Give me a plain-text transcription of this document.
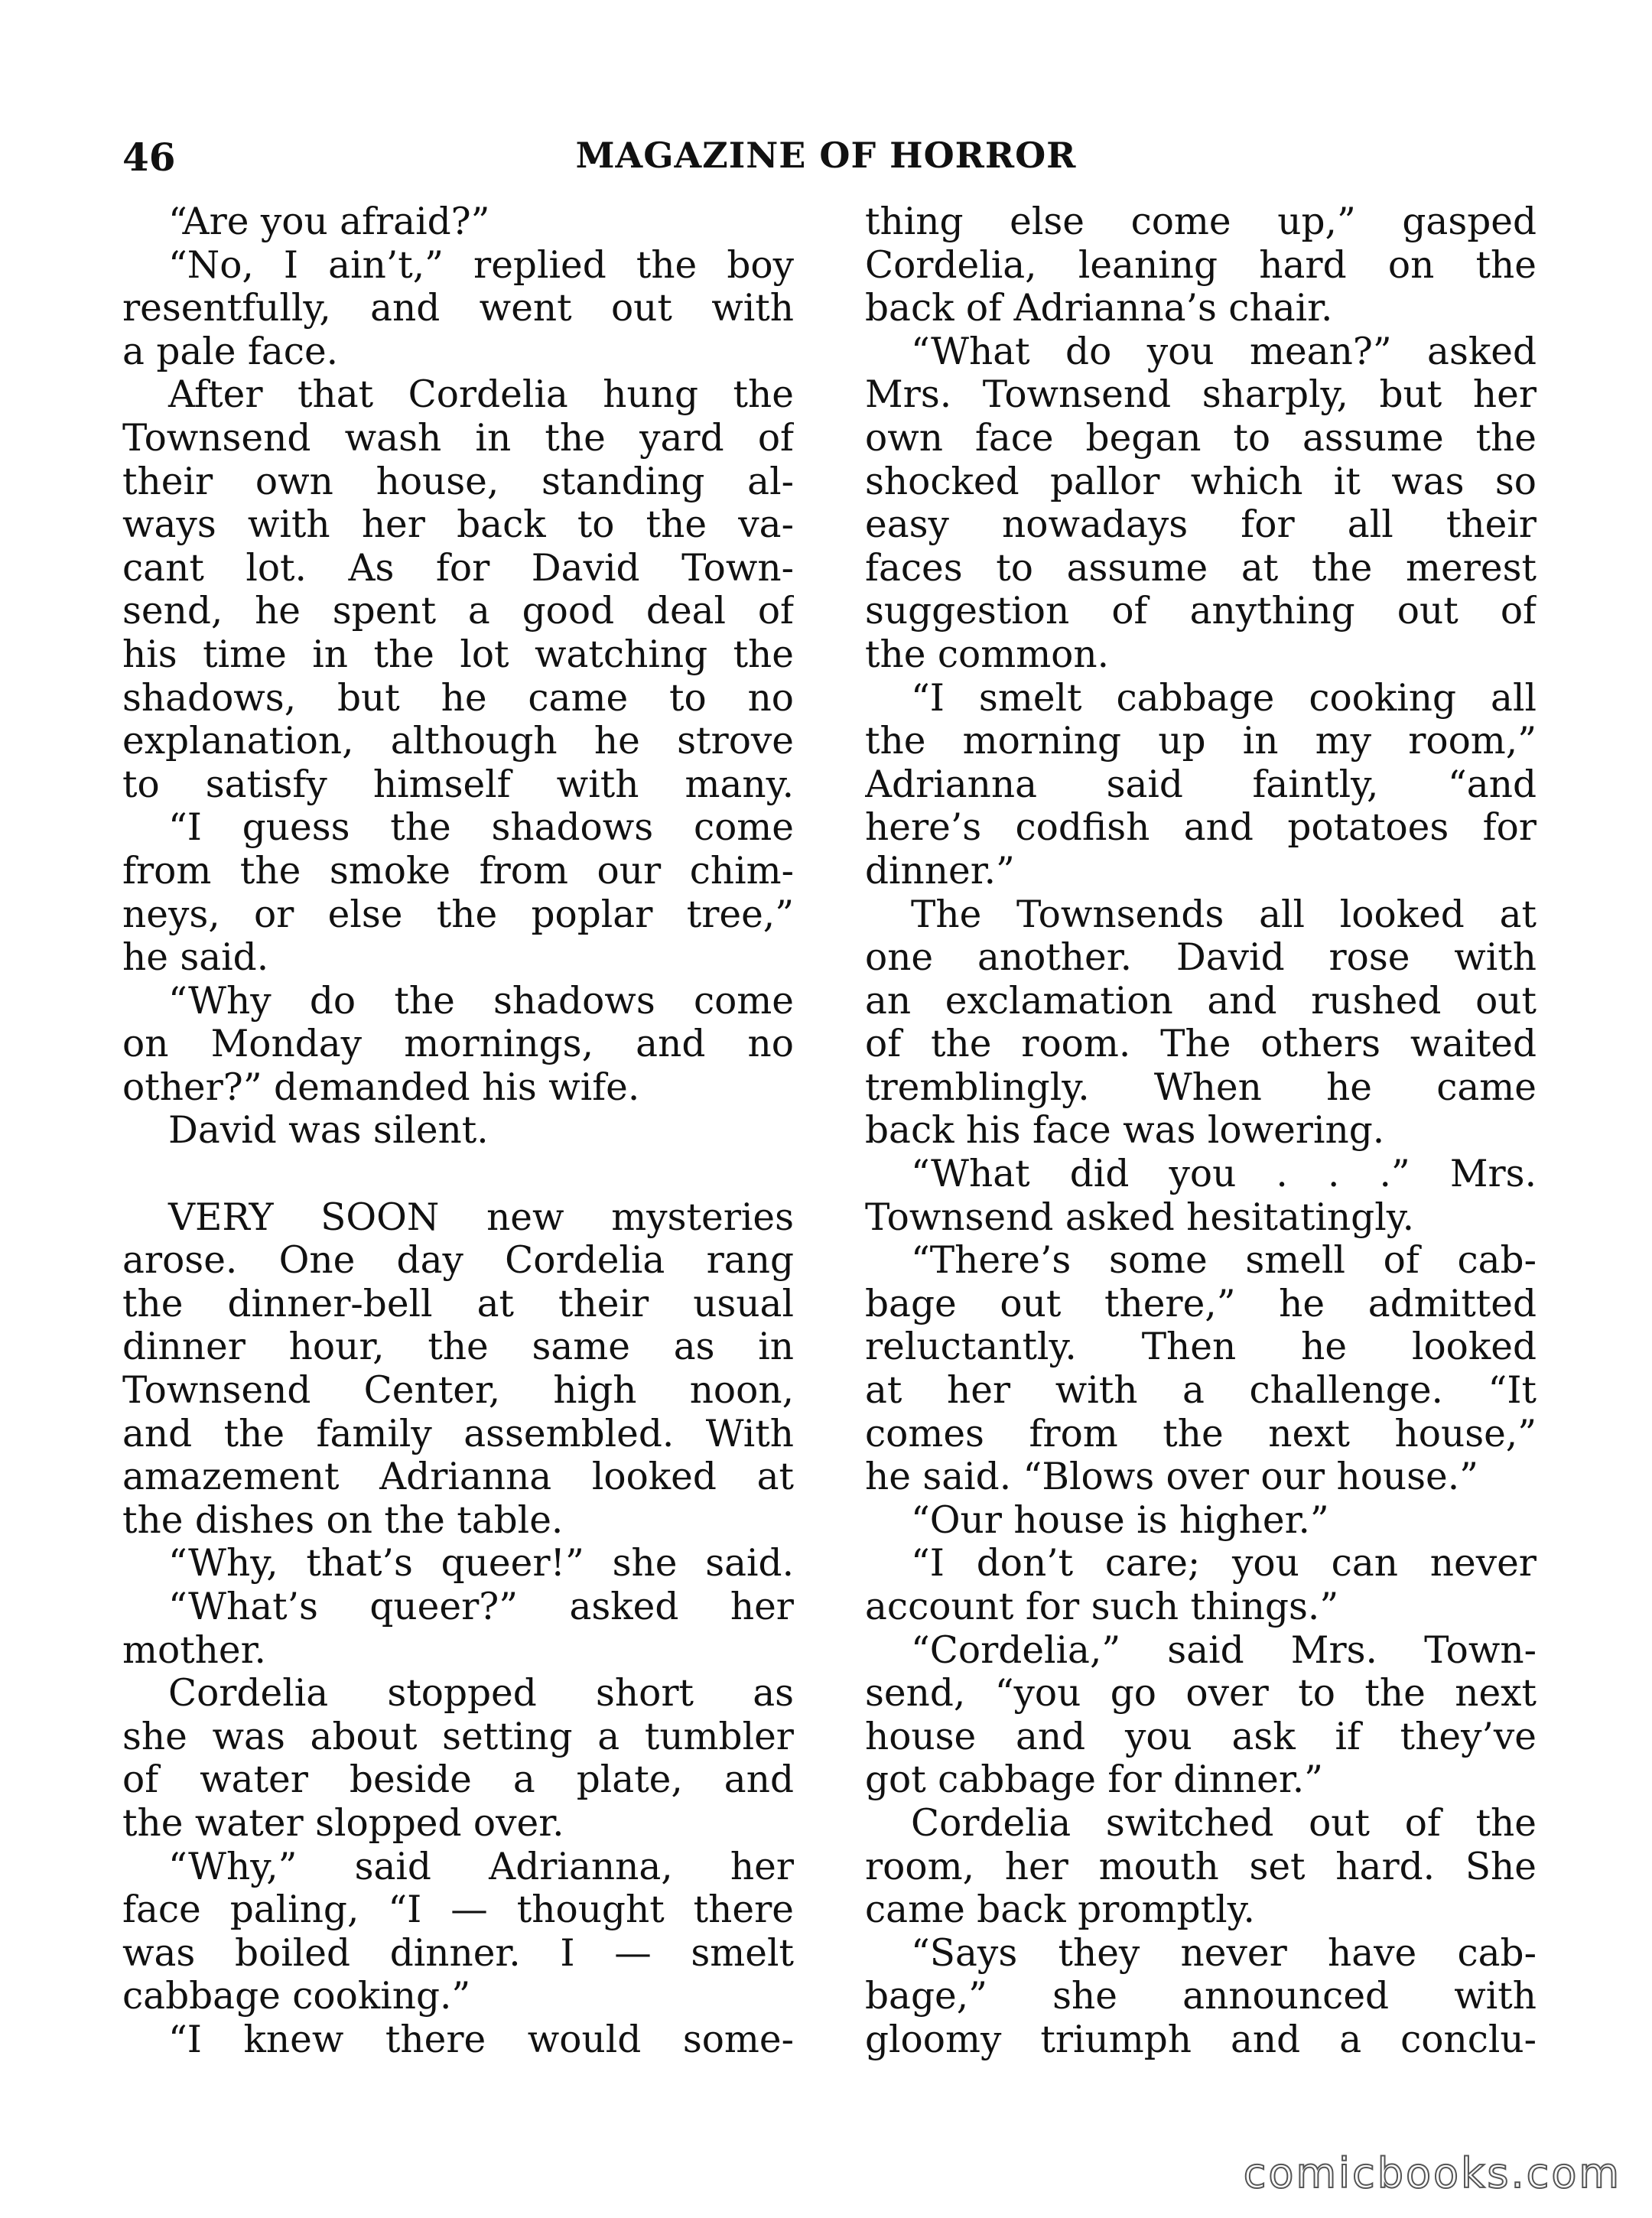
46	MAGAZINE OF HORROR
“Are you afraid?”
“No, I ain’t,” replied the boy
resentfully, and went out with
a pale face.
After that Cordelia hung the
Townsend wash in the yard of
their own house, standing al-
ways with her back to the va-
cant lot. As for David Town-
send, he spent a good deal of
his time in the lot watching the
shadows, but he came to no
explanation, although he strove
to satisfy himself with many.
“I guess the shadows come
from the smoke from our chim-
neys, or else the poplar tree,”
he said.
“Why do the shadows come
on Monday mornings, and no
other?” demanded his wife.
David was silent.
VERY SOON new mysteries
arose. One day Cordelia rang
the dinner-bell at their usual
dinner hour, the same as in
Townsend Center, high noon,
and the family assembled. With
amazement Adrianna looked at
the dishes on the table.
“Why, that’s queer!” she said.
“What’s queer?” asked her
mother.
Cordelia stopped short as
she was about setting a tumbler
of water beside a plate, and
the water slopped over.
“Why,” said Adrianna, her
face paling, “I — thought there
was boiled dinner. I — smelt
cabbage cooking.”
“I knew there would some-
thing else come up,” gasped
Cordelia, leaning hard on the
back of Adrianna’s chair.
“What do you mean?” asked
Mrs. Townsend sharply, but her
own face began to assume the
shocked pallor which it was so
easy nowadays for all their
faces to assume at the merest
suggestion of anything out of
the common.
“I smelt cabbage cooking all
the morning up in my room,”
Adrianna said faintly, “and
here’s codfish and potatoes for
dinner.”
The Townsends all looked at
one another. David rose with
an exclamation and rushed out
of the room. The others waited
tremblingly. When he came
back his face was lowering.
“What did you . . .” Mrs.
Townsend asked hesitatingly.
“There’s some smell of cab-
bage out there,” he admitted
reluctantly. Then he looked
at her with a challenge. “It
comes from the next house,”
he said. “Blows over our house.”
“Our house is higher.”
“I don’t care; you can never
account for such things.”
“Cordelia,” said Mrs. Town-
send, “you go over to the next
house and you ask if they’ve
got cabbage for dinner.”
Cordelia switched out of the
room, her mouth set hard. She
came back promptly.
“Says they never have cab-
bage,” she announced with
gloomy triumph and a conclu-
comicbooks.com
